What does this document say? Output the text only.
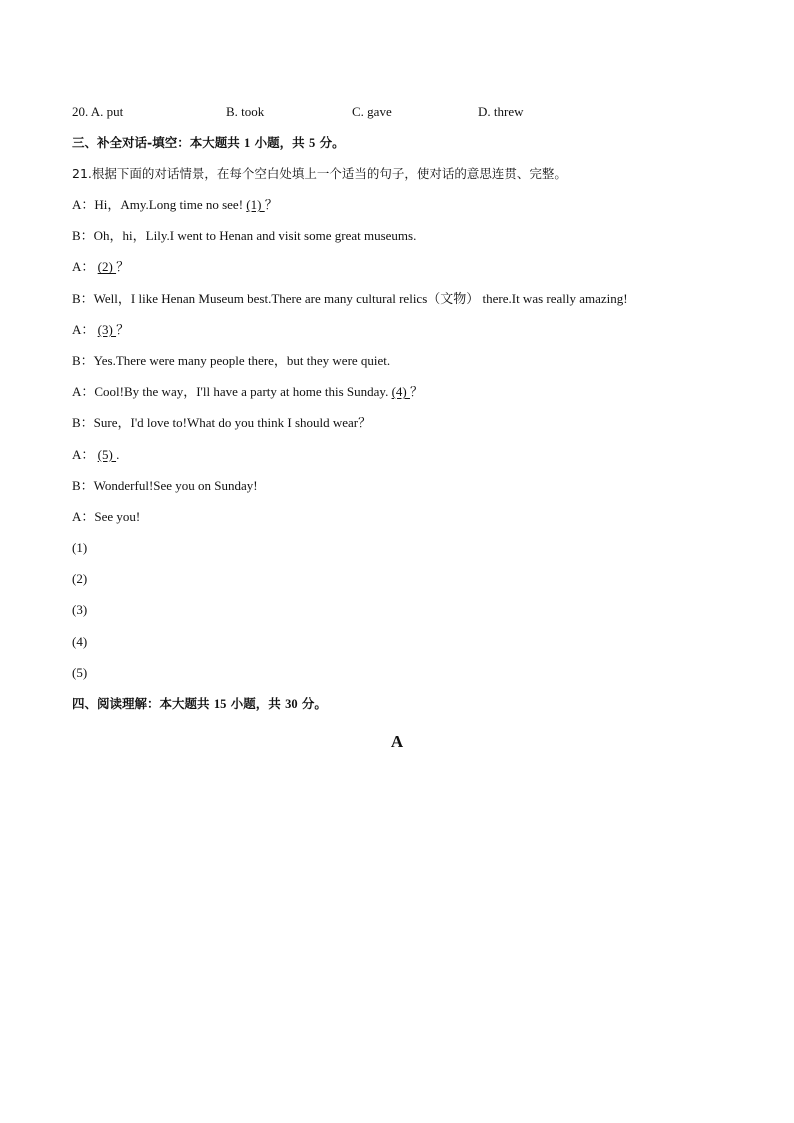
20. A. put	B. took	C. gave	D. threw
三、补全对话-填空：本大题共 1 小题，共 5 分。
21.根据下面的对话情景，在每个空白处填上一个适当的句子，使对话的意思连贯、完整。
A：Hi，Amy.Long time no see! (1) ？
B：Oh，hi，Lily.I went to Henan and visit some great museums.
A： (2) ？
B：Well，I like Henan Museum best.There are many cultural relics（文物） there.It was really amazing!
A： (3) ？
B：Yes.There were many people there，but they were quiet.
A：Cool!By the way，I'll have a party at home this Sunday. (4) ？
B：Sure，I'd love to!What do you think I should wear？
A： (5) .
B：Wonderful!See you on Sunday!
A：See you!
(1)
(2)
(3)
(4)
(5)
四、阅读理解：本大题共 15 小题，共 30 分。
A
